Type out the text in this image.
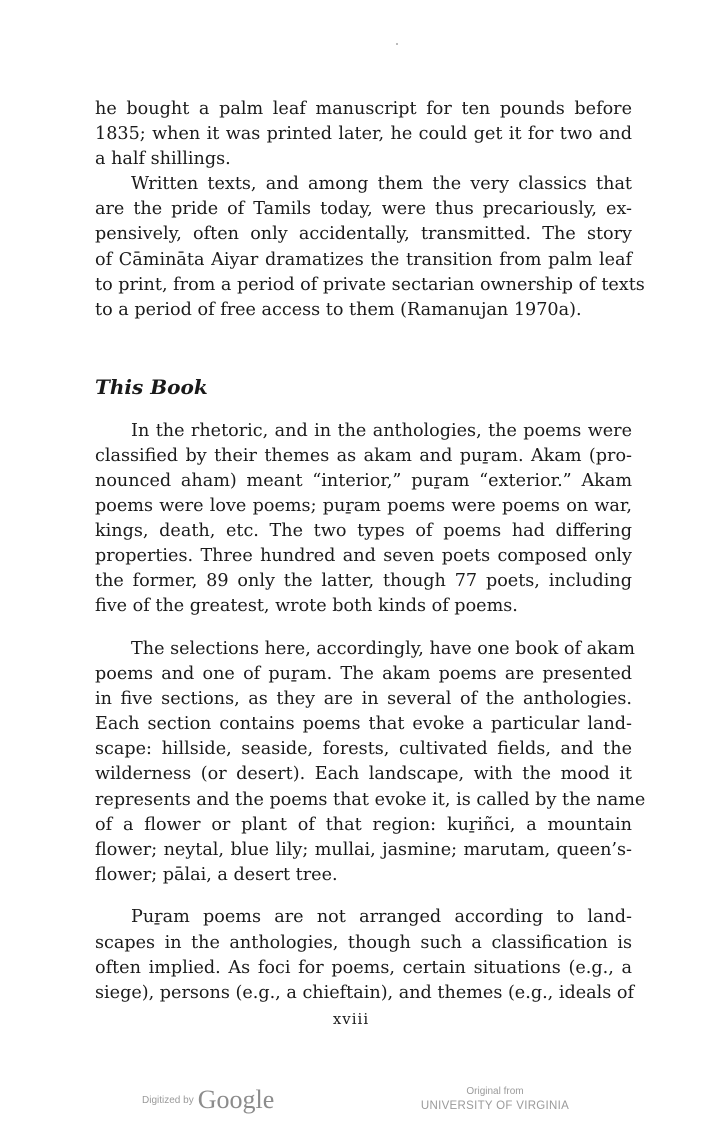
he bought a palm leaf manuscript for ten pounds before
1835; when it was printed later, he could get it for two and
a half shillings.

Written texts, and among them the very classics that
are the pride of Tamils today, were thus precariously, ex-
pensively, often only accidentally, transmitted. The story
of Cāmināta Aiyar dramatizes the transition from palm leaf
to print, from a period of private sectarian ownership of texts
to a period of free access to them (Ramanujan 1970a).

This Book

In the rhetoric, and in the anthologies, the poems were
classified by their themes as akam and puṟam. Akam (pro-
nounced aham) meant “interior,” puṟam “exterior.” Akam
poems were love poems; puṟam poems were poems on war,
kings, death, etc. The two types of poems had differing
properties. Three hundred and seven poets composed only
the former, 89 only the latter, though 77 poets, including
five of the greatest, wrote both kinds of poems.

The selections here, accordingly, have one book of akam
poems and one of puṟam. The akam poems are presented
in five sections, as they are in several of the anthologies.
Each section contains poems that evoke a particular land-
scape: hillside, seaside, forests, cultivated fields, and the
wilderness (or desert). Each landscape, with the mood it
represents and the poems that evoke it, is called by the name
of a flower or plant of that region: kuṟiñci, a mountain
flower; neytal, blue lily; mullai, jasmine; marutam, queen’s-
flower; pālai, a desert tree.

Puṟam poems are not arranged according to land-
scapes in the anthologies, though such a classification is
often implied. As foci for poems, certain situations (e.g., a
siege), persons (e.g., a chieftain), and themes (e.g., ideals of

xviii
Digitized by Google	Original from
UNIVERSITY OF VIRGINIA
